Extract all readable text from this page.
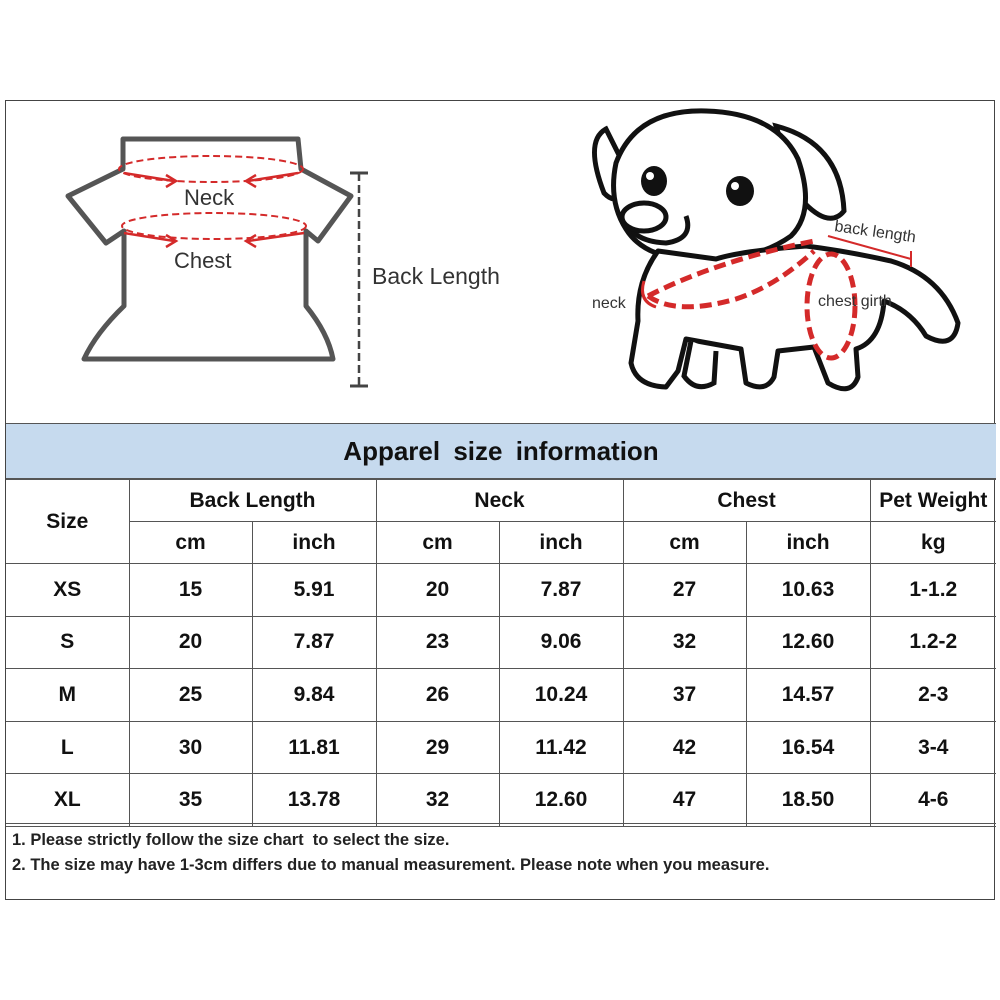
Neck
Chest
Back Length
back length
neck	chest girth
Apparel size information
Size	Back Length		Neck		Chest		Pet Weight
	cm	inch	cm	inch	cm	inch	kg
XS	15	5.91	20	7.87	27	10.63	1-1.2
S	20	7.87	23	9.06	32	12.60	1.2-2
M	25	9.84	26	10.24	37	14.57	2-3
L	30	11.81	29	11.42	42	16.54	3-4
XL	35	13.78	32	12.60	47	18.50	4-6
1. Please strictly follow the size chart  to select the size.
2. The size may have 1-3cm differs due to manual measurement. Please note when you measure.
